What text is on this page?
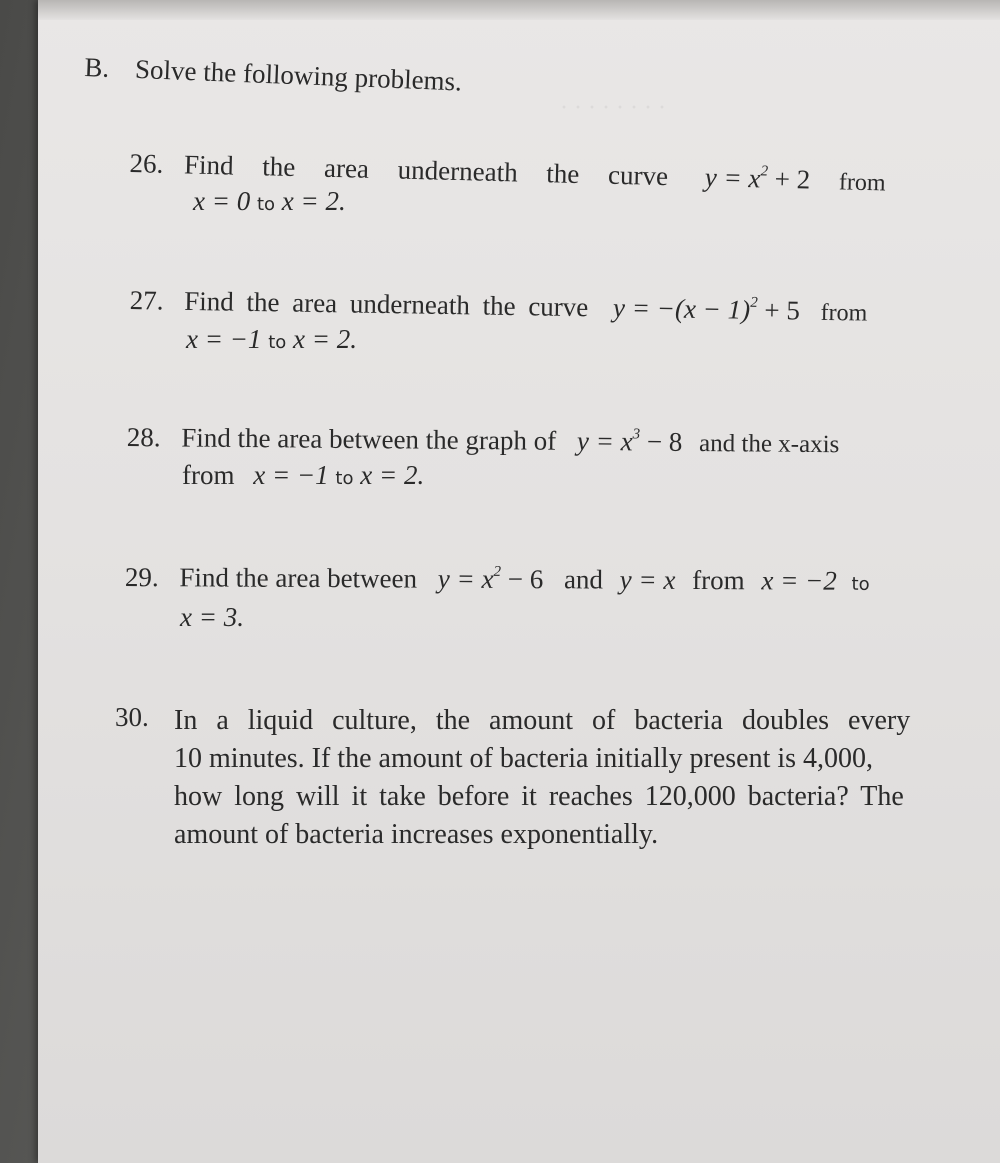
· · · · · · · ·
B. Solve the following problems.
26. Find the area underneath the curve $y = x^2 + 2$ from
x = 0 to x = 2.
27. Find the area underneath the curve $y = -(x - 1)^2 + 5$ from
x = −1 to x = 2.
28. Find the area between the graph of $y = x^3 - 8$ and the x-axis
from x = −1 to x = 2.
29. Find the area between $y = x^2 - 6$ and y = x from x = −2 to
x = 3.
30. In a liquid culture, the amount of bacteria doubles every
10 minutes. If the amount of bacteria initially present is 4,000,
how long will it take before it reaches 120,000 bacteria? The
amount of bacteria increases exponentially.
